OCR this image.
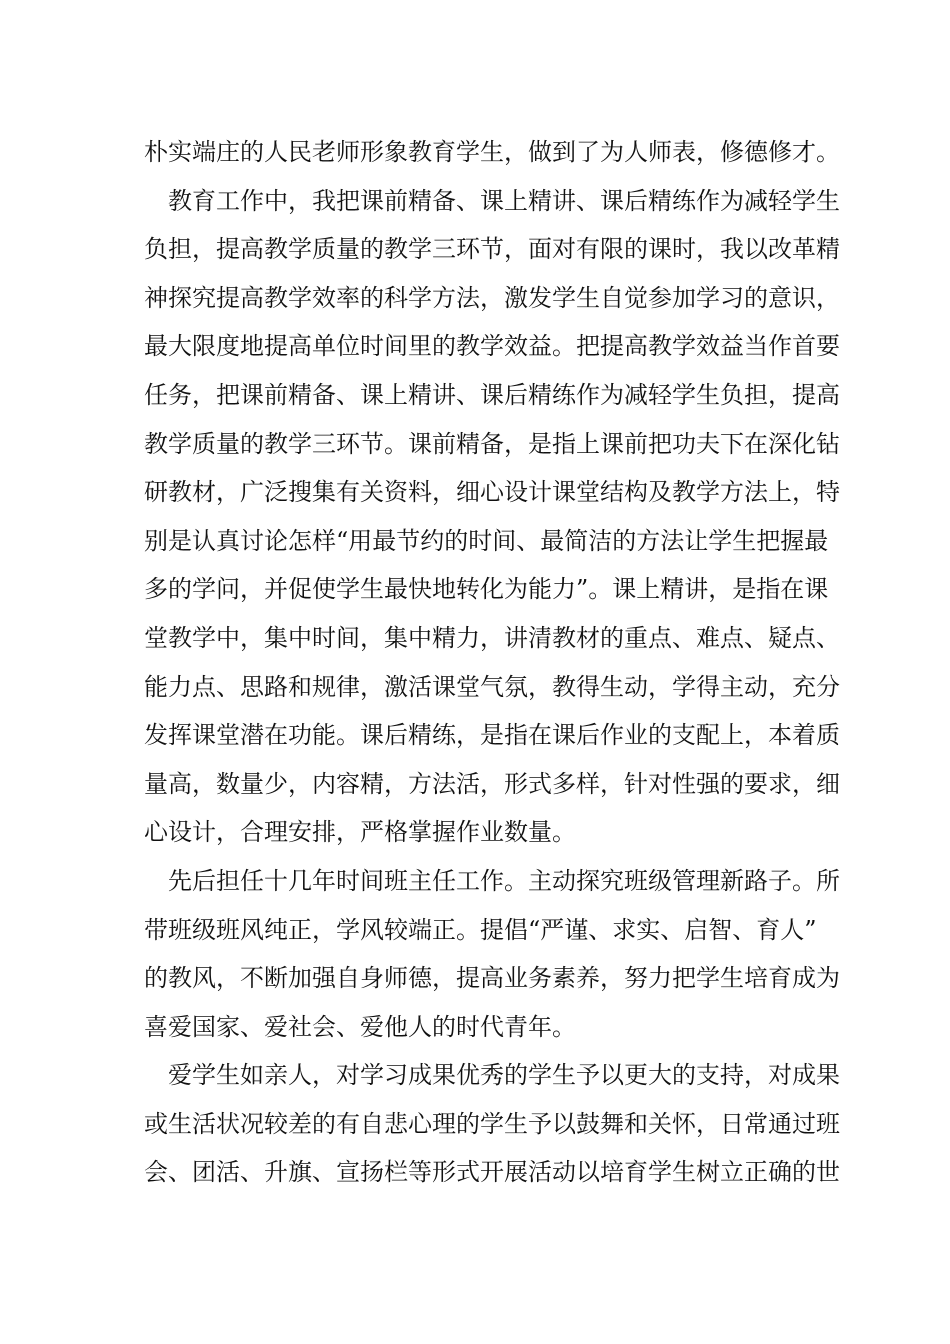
朴实端庄的人民老师形象教育学生，做到了为人师表，修德修才。

教育工作中，我把课前精备、课上精讲、课后精练作为减轻学生
负担，提高教学质量的教学三环节，面对有限的课时，我以改革精
神探究提高教学效率的科学方法，激发学生自觉参加学习的意识，
最大限度地提高单位时间里的教学效益。把提高教学效益当作首要
任务，把课前精备、课上精讲、课后精练作为减轻学生负担，提高
教学质量的教学三环节。课前精备，是指上课前把功夫下在深化钻
研教材，广泛搜集有关资料，细心设计课堂结构及教学方法上，特
别是认真讨论怎样“用最节约的时间、最简洁的方法让学生把握最
多的学问，并促使学生最快地转化为能力”。课上精讲，是指在课
堂教学中，集中时间，集中精力，讲清教材的重点、难点、疑点、
能力点、思路和规律，激活课堂气氛，教得生动，学得主动，充分
发挥课堂潜在功能。课后精练，是指在课后作业的支配上，本着质
量高，数量少，内容精，方法活，形式多样，针对性强的要求，细
心设计，合理安排，严格掌握作业数量。

先后担任十几年时间班主任工作。主动探究班级管理新路子。所
带班级班风纯正，学风较端正。提倡“严谨、求实、启智、育人”
的教风，不断加强自身师德，提高业务素养，努力把学生培育成为
喜爱国家、爱社会、爱他人的时代青年。

爱学生如亲人，对学习成果优秀的学生予以更大的支持，对成果
或生活状况较差的有自悲心理的学生予以鼓舞和关怀，日常通过班
会、团活、升旗、宣扬栏等形式开展活动以培育学生树立正确的世
